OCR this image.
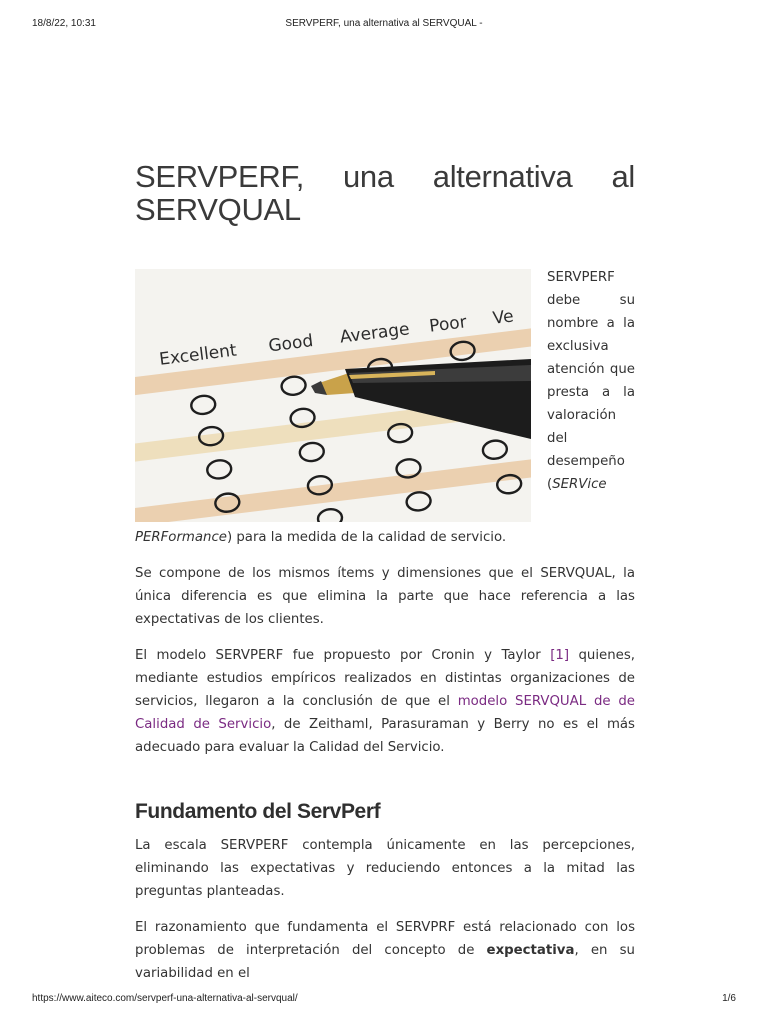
18/8/22, 10:31	SERVPERF, una alternativa al SERVQUAL -
SERVPERF, una alternativa al SERVQUAL
Excellent Good Average Poor Ve

SERVPERF debe su nombre a la exclusiva atención que presta a la valoración del desempeño (SERVice PERFormance) para la medida de la calidad de servicio.

Se compone de los mismos ítems y dimensiones que el SERVQUAL, la única diferencia es que elimina la parte que hace referencia a las expectativas de los clientes.

El modelo SERVPERF fue propuesto por Cronin y Taylor [1] quienes, mediante estudios empíricos realizados en distintas organizaciones de servicios, llegaron a la conclusión de que el modelo SERVQUAL de de Calidad de Servicio, de Zeithaml, Parasuraman y Berry no es el más adecuado para evaluar la Calidad del Servicio.

Fundamento del ServPerf

La escala SERVPERF contempla únicamente en las percepciones, eliminando las expectativas y reduciendo entonces a la mitad las preguntas planteadas.

El razonamiento que fundamenta el SERVPRF está relacionado con los problemas de interpretación del concepto de expectativa, en su variabilidad en el

https://www.aiteco.com/servperf-una-alternativa-al-servqual/	1/6
